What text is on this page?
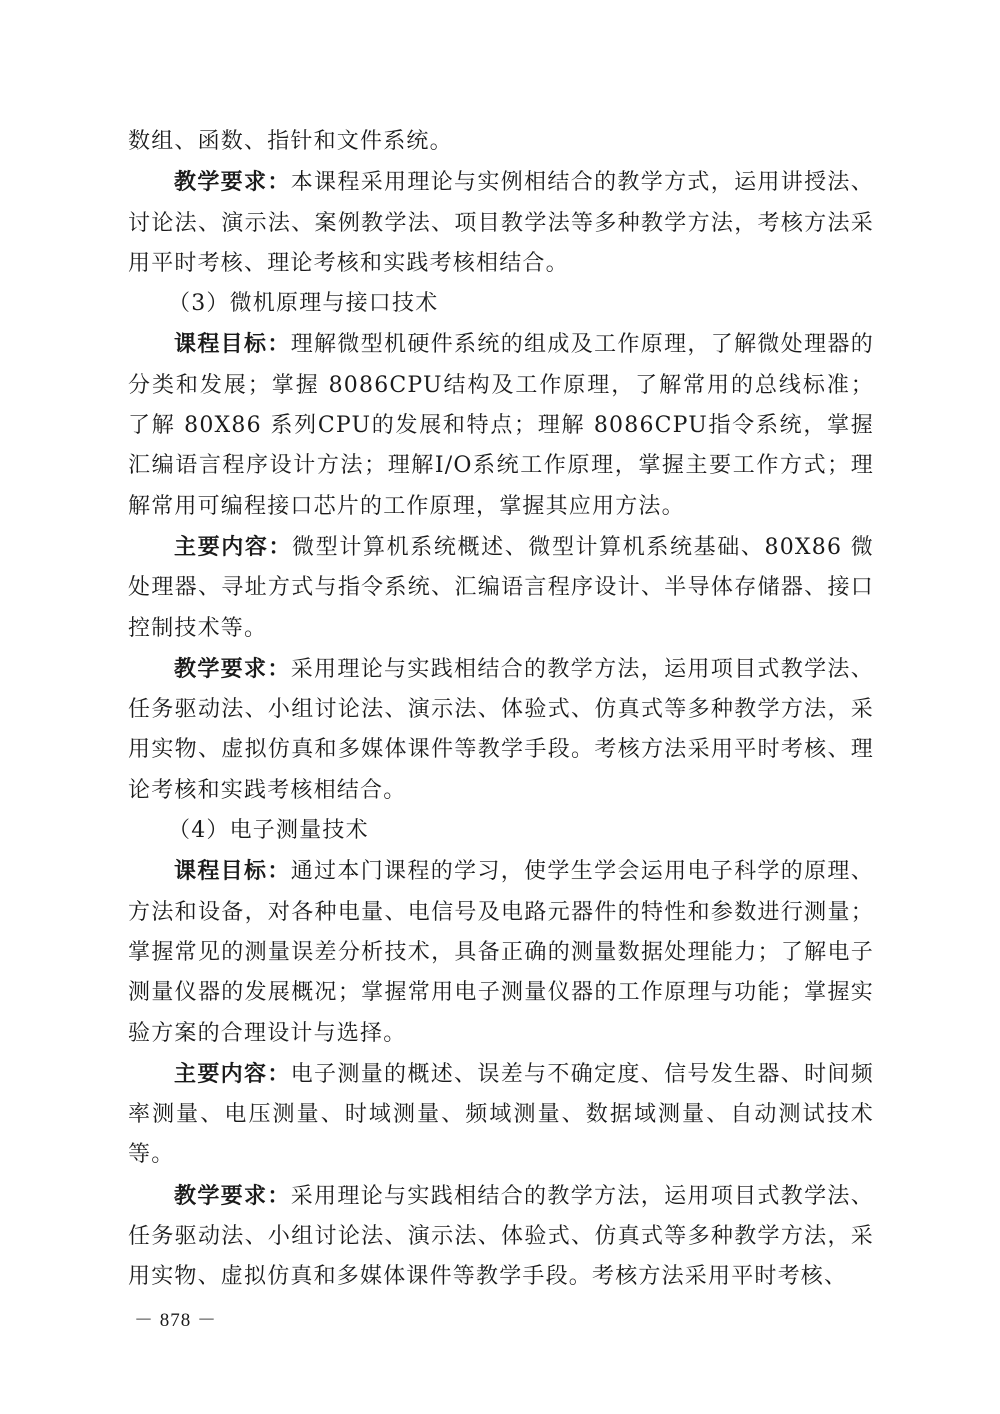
数组、函数、指针和文件系统。

教学要求：本课程采用理论与实例相结合的教学方式，运用讲授法、讨论法、演示法、案例教学法、项目教学法等多种教学方法，考核方法采用平时考核、理论考核和实践考核相结合。

（3）微机原理与接口技术

课程目标：理解微型机硬件系统的组成及工作原理，了解微处理器的分类和发展；掌握 8086CPU结构及工作原理，了解常用的总线标准；了解 80X86 系列CPU的发展和特点；理解 8086CPU指令系统，掌握汇编语言程序设计方法；理解I/O系统工作原理，掌握主要工作方式；理解常用可编程接口芯片的工作原理，掌握其应用方法。

主要内容：微型计算机系统概述、微型计算机系统基础、80X86 微处理器、寻址方式与指令系统、汇编语言程序设计、半导体存储器、接口控制技术等。

教学要求：采用理论与实践相结合的教学方法，运用项目式教学法、任务驱动法、小组讨论法、演示法、体验式、仿真式等多种教学方法，采用实物、虚拟仿真和多媒体课件等教学手段。考核方法采用平时考核、理论考核和实践考核相结合。

（4）电子测量技术

课程目标：通过本门课程的学习，使学生学会运用电子科学的原理、方法和设备，对各种电量、电信号及电路元器件的特性和参数进行测量；掌握常见的测量误差分析技术，具备正确的测量数据处理能力；了解电子测量仪器的发展概况；掌握常用电子测量仪器的工作原理与功能；掌握实验方案的合理设计与选择。

主要内容：电子测量的概述、误差与不确定度、信号发生器、时间频率测量、电压测量、时域测量、频域测量、数据域测量、自动测试技术等。

教学要求：采用理论与实践相结合的教学方法，运用项目式教学法、任务驱动法、小组讨论法、演示法、体验式、仿真式等多种教学方法，采用实物、虚拟仿真和多媒体课件等教学手段。考核方法采用平时考核、

－ 878 －
